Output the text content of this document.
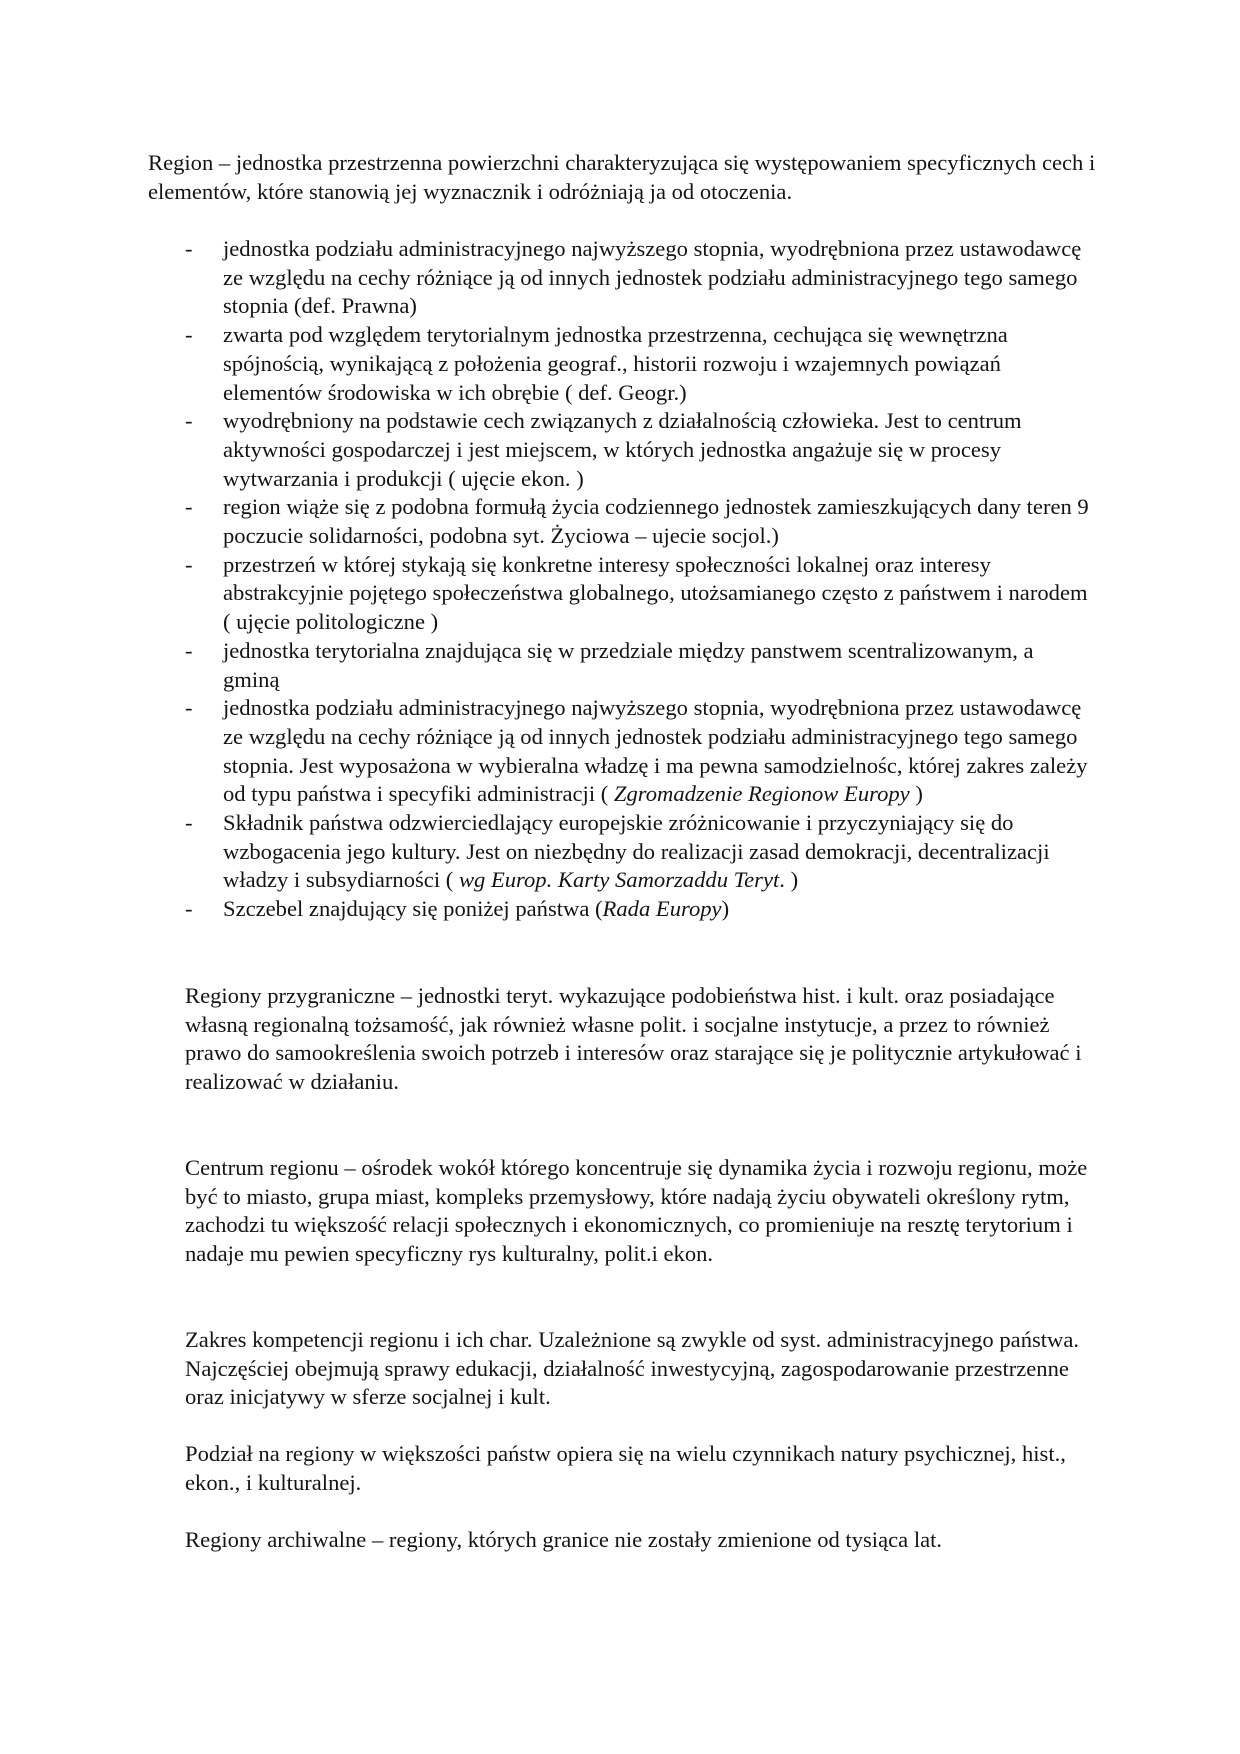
Region – jednostka przestrzenna powierzchni charakteryzująca się występowaniem specyficznych cech i elementów, które stanowią jej wyznacznik i odróżniają ja od otoczenia.

- jednostka podziału administracyjnego najwyższego stopnia, wyodrębniona przez ustawodawcę ze względu na cechy różniące ją od innych jednostek podziału administracyjnego tego samego stopnia (def. Prawna)
- zwarta pod względem terytorialnym jednostka przestrzenna, cechująca się wewnętrzna spójnością, wynikającą z położenia geograf., historii rozwoju i wzajemnych powiązań elementów środowiska w ich obrębie ( def. Geogr.)
- wyodrębniony na podstawie cech związanych z działalnością człowieka. Jest to centrum aktywności gospodarczej i jest miejscem, w których jednostka angażuje się w procesy wytwarzania i produkcji ( ujęcie ekon. )
- region wiąże się z podobna formułą życia codziennego jednostek zamieszkujących dany teren 9 poczucie solidarności, podobna syt. Życiowa – ujecie socjol.)
- przestrzeń w której stykają się konkretne interesy społeczności lokalnej oraz interesy abstrakcyjnie pojętego społeczeństwa globalnego, utożsamianego często z państwem i narodem ( ujęcie politologiczne )
- jednostka terytorialna znajdująca się w przedziale między panstwem scentralizowanym, a gminą
- jednostka podziału administracyjnego najwyższego stopnia, wyodrębniona przez ustawodawcę ze względu na cechy różniące ją od innych jednostek podziału administracyjnego tego samego stopnia. Jest wyposażona w wybieralna władzę i ma pewna samodzielnośc, której zakres zależy od typu państwa i specyfiki administracji ( Zgromadzenie Regionow Europy )
- Składnik państwa odzwierciedlający europejskie zróżnicowanie i przyczyniający się do wzbogacenia jego kultury. Jest on niezbędny do realizacji zasad demokracji, decentralizacji władzy i subsydiarności ( wg Europ. Karty Samorzaddu Teryt. )
- Szczebel znajdujący się poniżej państwa (Rada Europy)

Regiony przygraniczne – jednostki teryt. wykazujące podobieństwa hist. i kult. oraz posiadające własną regionalną tożsamość, jak również własne polit. i socjalne instytucje, a przez to również prawo do samookreślenia swoich potrzeb i interesów oraz starające się je politycznie artykułować i realizować w działaniu.

Centrum regionu – ośrodek wokół którego koncentruje się dynamika życia i rozwoju regionu, może być to miasto, grupa miast, kompleks przemysłowy, które nadają życiu obywateli określony rytm, zachodzi tu większość relacji społecznych i ekonomicznych, co promieniuje na resztę terytorium i nadaje mu pewien specyficzny rys kulturalny, polit.i ekon.

Zakres kompetencji regionu i ich char. Uzależnione są zwykle od syst. administracyjnego państwa. Najczęściej obejmują sprawy edukacji, działalność inwestycyjną, zagospodarowanie przestrzenne oraz inicjatywy w sferze socjalnej i kult.

Podział na regiony w większości państw opiera się na wielu czynnikach natury psychicznej, hist., ekon., i kulturalnej.

Regiony archiwalne – regiony, których granice nie zostały zmienione od tysiąca lat.
